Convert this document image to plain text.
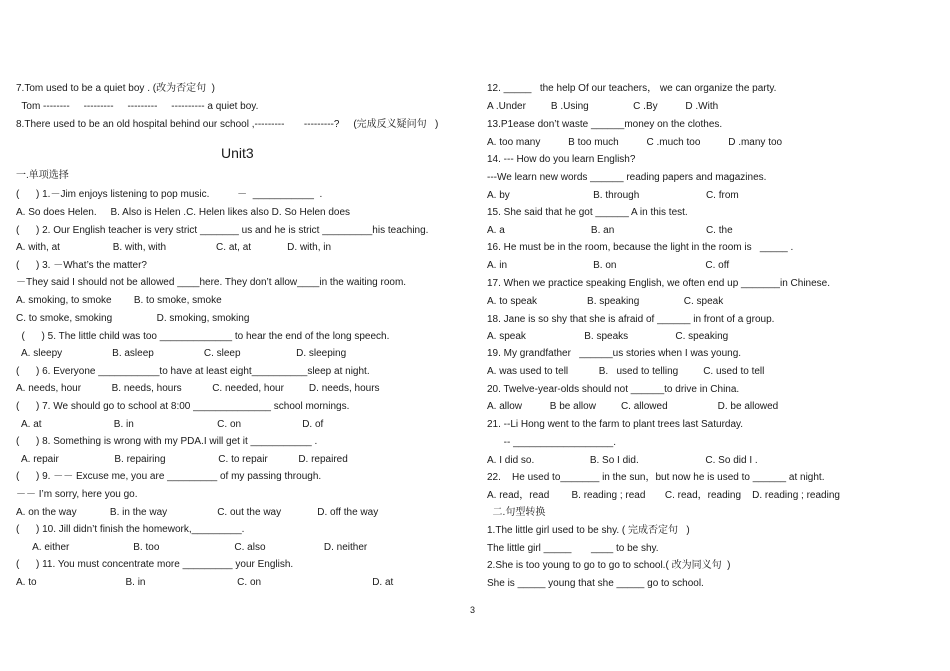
7.Tom used to be a quiet boy . (改为否定句  )
Tom --------     ---------     ---------     ---------- a quiet boy.
8.There used to be an old hospital behind our school ,---------       ---------?     (完成反义疑问句   )
Unit3
一.单项选择
(      ) 1.－Jim enjoys listening to pop music.          －  ___________  .
A. So does Helen.     B. Also is Helen .C. Helen likes also D. So Helen does
(      ) 2. Our English teacher is very strict _______ us and he is strict _________his teaching.
A. with, at                   B. with, with                  C. at, at             D. with, in
(      ) 3. －What’s the matter?
－They said I should not be allowed ____here. They don’t allow____in the waiting room.
A. smoking, to smoke        B. to smoke, smoke
C. to smoke, smoking                D. smoking, smoking
(      ) 5. The little child was too _____________ to hear the end of the long speech.
A. sleepy                  B. asleep                  C. sleep                    D. sleeping
(      ) 6. Everyone ___________to have at least eight__________sleep at night.
A. needs, hour           B. needs, hours           C. needed, hour         D. needs, hours
(      ) 7. We should go to school at 8:00 ______________ school mornings.
A. at                          B. in                              C. on                      D. of
(      ) 8. Something is wrong with my PDA.I will get it ___________ .
A. repair                    B. repairing                   C. to repair           D. repaired
(      ) 9. －－ Excuse me, you are _________ of my passing through.
－－ I’m sorry, here you go.
A. on the way            B. in the way                  C. out the way             D. off the way
(      ) 10. Jill didn’t finish the homework,_________.
A. either                       B. too                           C. also                     D. neither
(      ) 11. You must concentrate more _________ your English.
A. to                                B. in                                 C. on                                        D. at
12. _____   the help Of our teachers， we can organize the party.
A .Under         B .Using                C .By          D .With
13.P1ease don’t waste ______money on the clothes.
A. too many          B too much          C .much too          D .many too
14. --- How do you learn English?
---We learn new words ______ reading papers and magazines.
A. by                              B. through                        C. from
15. She said that he got ______ A in this test.
A. a                               B. an                                 C. the
16. He must be in the room, because the light in the room is   _____ .
A. in                               B. on                                C. off
17. When we practice speaking English, we often end up _______in Chinese.
A. to speak                  B. speaking                C. speak
18. Jane is so shy that she is afraid of ______ in front of a group.
A. speak                     B. speaks                 C. speaking
19. My grandfather   ______us stories when I was young.
A. was used to tell           B.   used to telling         C. used to tell
20. Twelve-year-olds should not ______to drive in China.
A. allow          B be allow         C. allowed                  D. be allowed
21. --Li Hong went to the farm to plant trees last Saturday.
-- __________________.
A. I did so.                    B. So I did.                        C. So did I .
22.    He used to_______ in the sun，but now he is used to ______ at night.
A. read，read        B. reading ; read       C. read，reading    D. reading ; reading
二.句型转换
1.The little girl used to be shy. ( 完成否定句   )
The little girl _____       ____ to be shy.
2.She is too young to go to go to school.( 改为同义句  )
She is _____ young that she _____ go to school.
3
